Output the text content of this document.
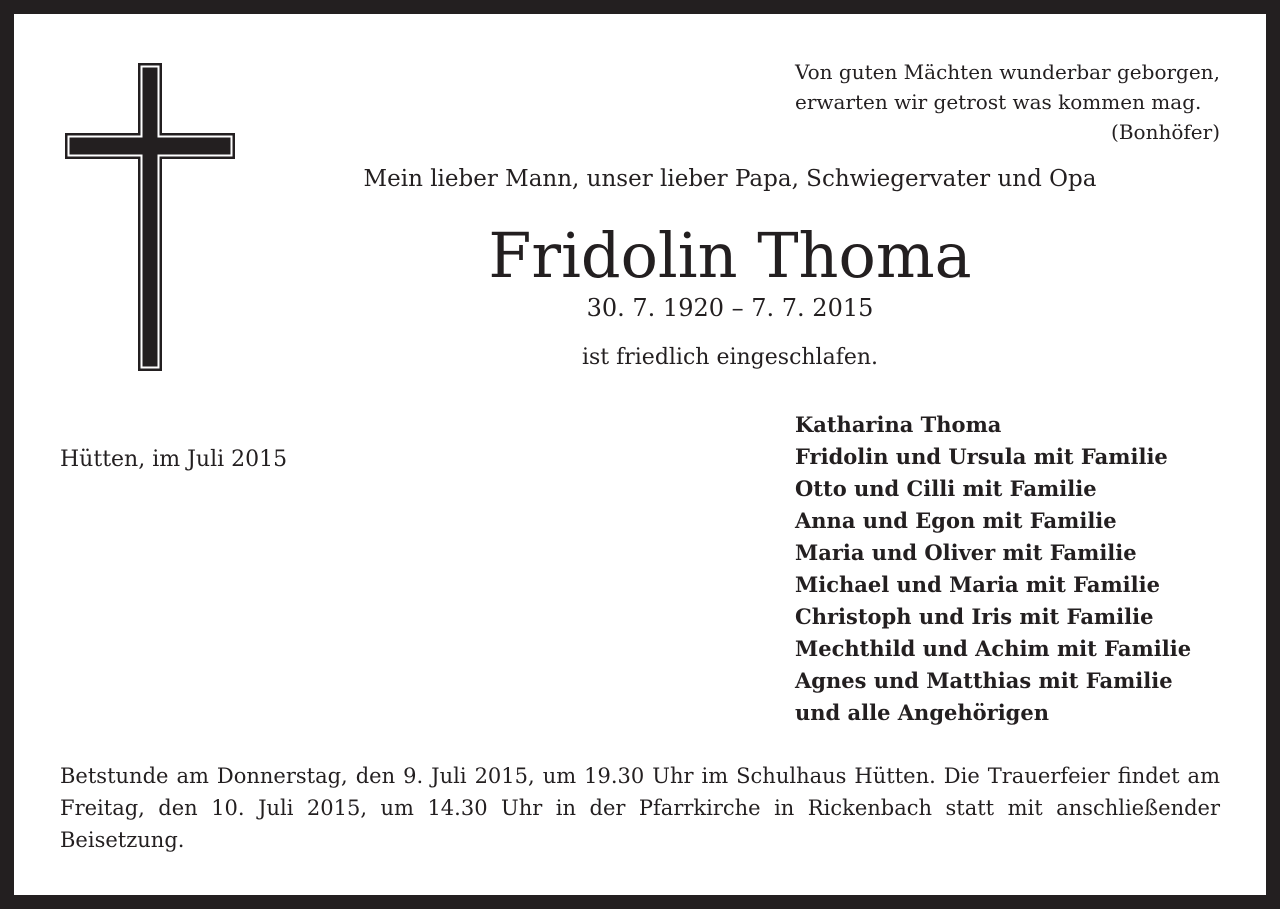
Von guten Mächten wunderbar geborgen,
erwarten wir getrost was kommen mag.
(Bonhöfer)
Mein lieber Mann, unser lieber Papa, Schwiegervater und Opa
Fridolin Thoma
30. 7. 1920 – 7. 7. 2015
ist friedlich eingeschlafen.
Hütten, im Juli 2015
Katharina Thoma
Fridolin und Ursula mit Familie
Otto und Cilli mit Familie
Anna und Egon mit Familie
Maria und Oliver mit Familie
Michael und Maria mit Familie
Christoph und Iris mit Familie
Mechthild und Achim mit Familie
Agnes und Matthias mit Familie
und alle Angehörigen
Betstunde am Donnerstag, den 9. Juli 2015, um 19.30 Uhr im Schulhaus Hütten. Die Trauerfeier findet am Freitag, den 10. Juli 2015, um 14.30 Uhr in der Pfarrkirche in Rickenbach statt mit anschließender Beisetzung.
